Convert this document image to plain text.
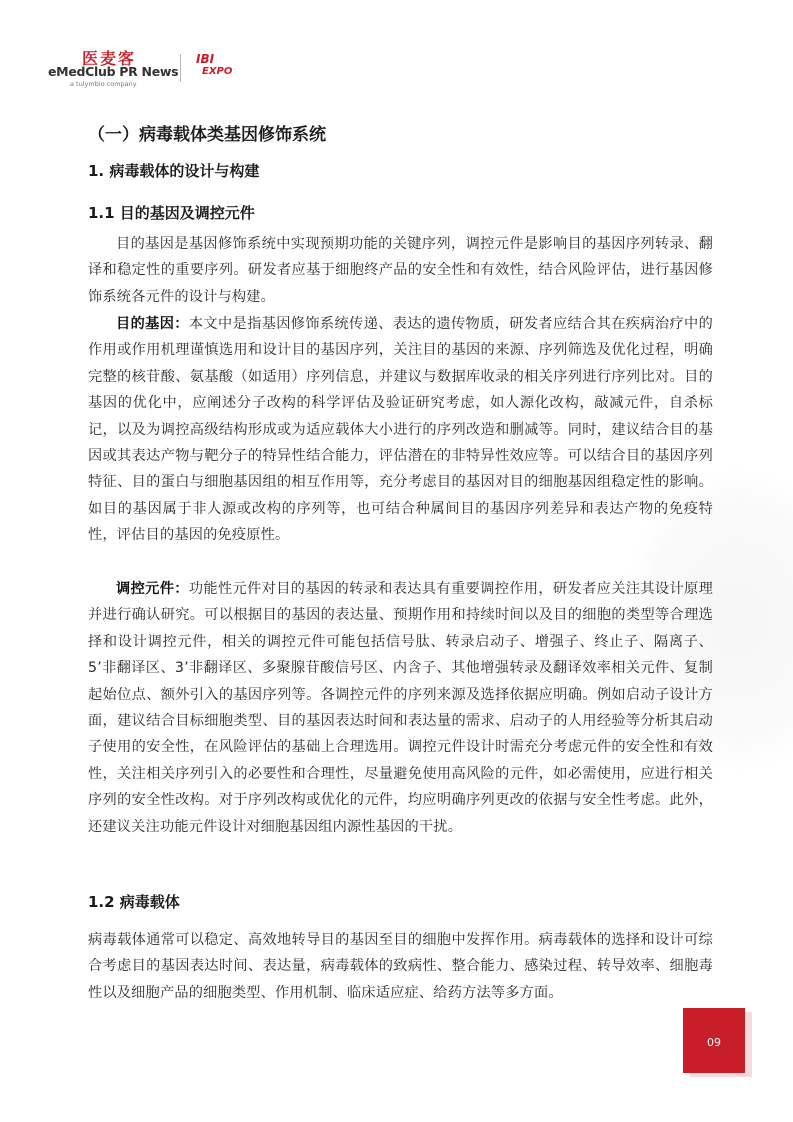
医麦客
eMedClub PR News
a tulymbio company
IBI
EXPO
（一）病毒载体类基因修饰系统
1. 病毒载体的设计与构建
1.1 目的基因及调控元件

目的基因是基因修饰系统中实现预期功能的关键序列，调控元件是影响目的基因序列转录、翻译和稳定性的重要序列。研发者应基于细胞终产品的安全性和有效性，结合风险评估，进行基因修饰系统各元件的设计与构建。

目的基因：本文中是指基因修饰系统传递、表达的遗传物质，研发者应结合其在疾病治疗中的作用或作用机理谨慎选用和设计目的基因序列，关注目的基因的来源、序列筛选及优化过程，明确完整的核苷酸、氨基酸（如适用）序列信息，并建议与数据库收录的相关序列进行序列比对。目的基因的优化中，应阐述分子改构的科学评估及验证研究考虑，如人源化改构，敲减元件，自杀标记，以及为调控高级结构形成或为适应载体大小进行的序列改造和删减等。同时，建议结合目的基因或其表达产物与靶分子的特异性结合能力，评估潜在的非特异性效应等。可以结合目的基因序列特征、目的蛋白与细胞基因组的相互作用等，充分考虑目的基因对目的细胞基因组稳定性的影响。如目的基因属于非人源或改构的序列等，也可结合种属间目的基因序列差异和表达产物的免疫特性，评估目的基因的免疫原性。

调控元件：功能性元件对目的基因的转录和表达具有重要调控作用，研发者应关注其设计原理并进行确认研究。可以根据目的基因的表达量、预期作用和持续时间以及目的细胞的类型等合理选择和设计调控元件，相关的调控元件可能包括信号肽、转录启动子、增强子、终止子、隔离子、5’非翻译区、3’非翻译区、多聚腺苷酸信号区、内含子、其他增强转录及翻译效率相关元件、复制起始位点、额外引入的基因序列等。各调控元件的序列来源及选择依据应明确。例如启动子设计方面，建议结合目标细胞类型、目的基因表达时间和表达量的需求、启动子的人用经验等分析其启动子使用的安全性，在风险评估的基础上合理选用。调控元件设计时需充分考虑元件的安全性和有效性，关注相关序列引入的必要性和合理性，尽量避免使用高风险的元件，如必需使用，应进行相关序列的安全性改构。对于序列改构或优化的元件，均应明确序列更改的依据与安全性考虑。此外，还建议关注功能元件设计对细胞基因组内源性基因的干扰。

1.2 病毒载体

病毒载体通常可以稳定、高效地转导目的基因至目的细胞中发挥作用。病毒载体的选择和设计可综合考虑目的基因表达时间、表达量，病毒载体的致病性、整合能力、感染过程、转导效率、细胞毒性以及细胞产品的细胞类型、作用机制、临床适应症、给药方法等多方面。

09
